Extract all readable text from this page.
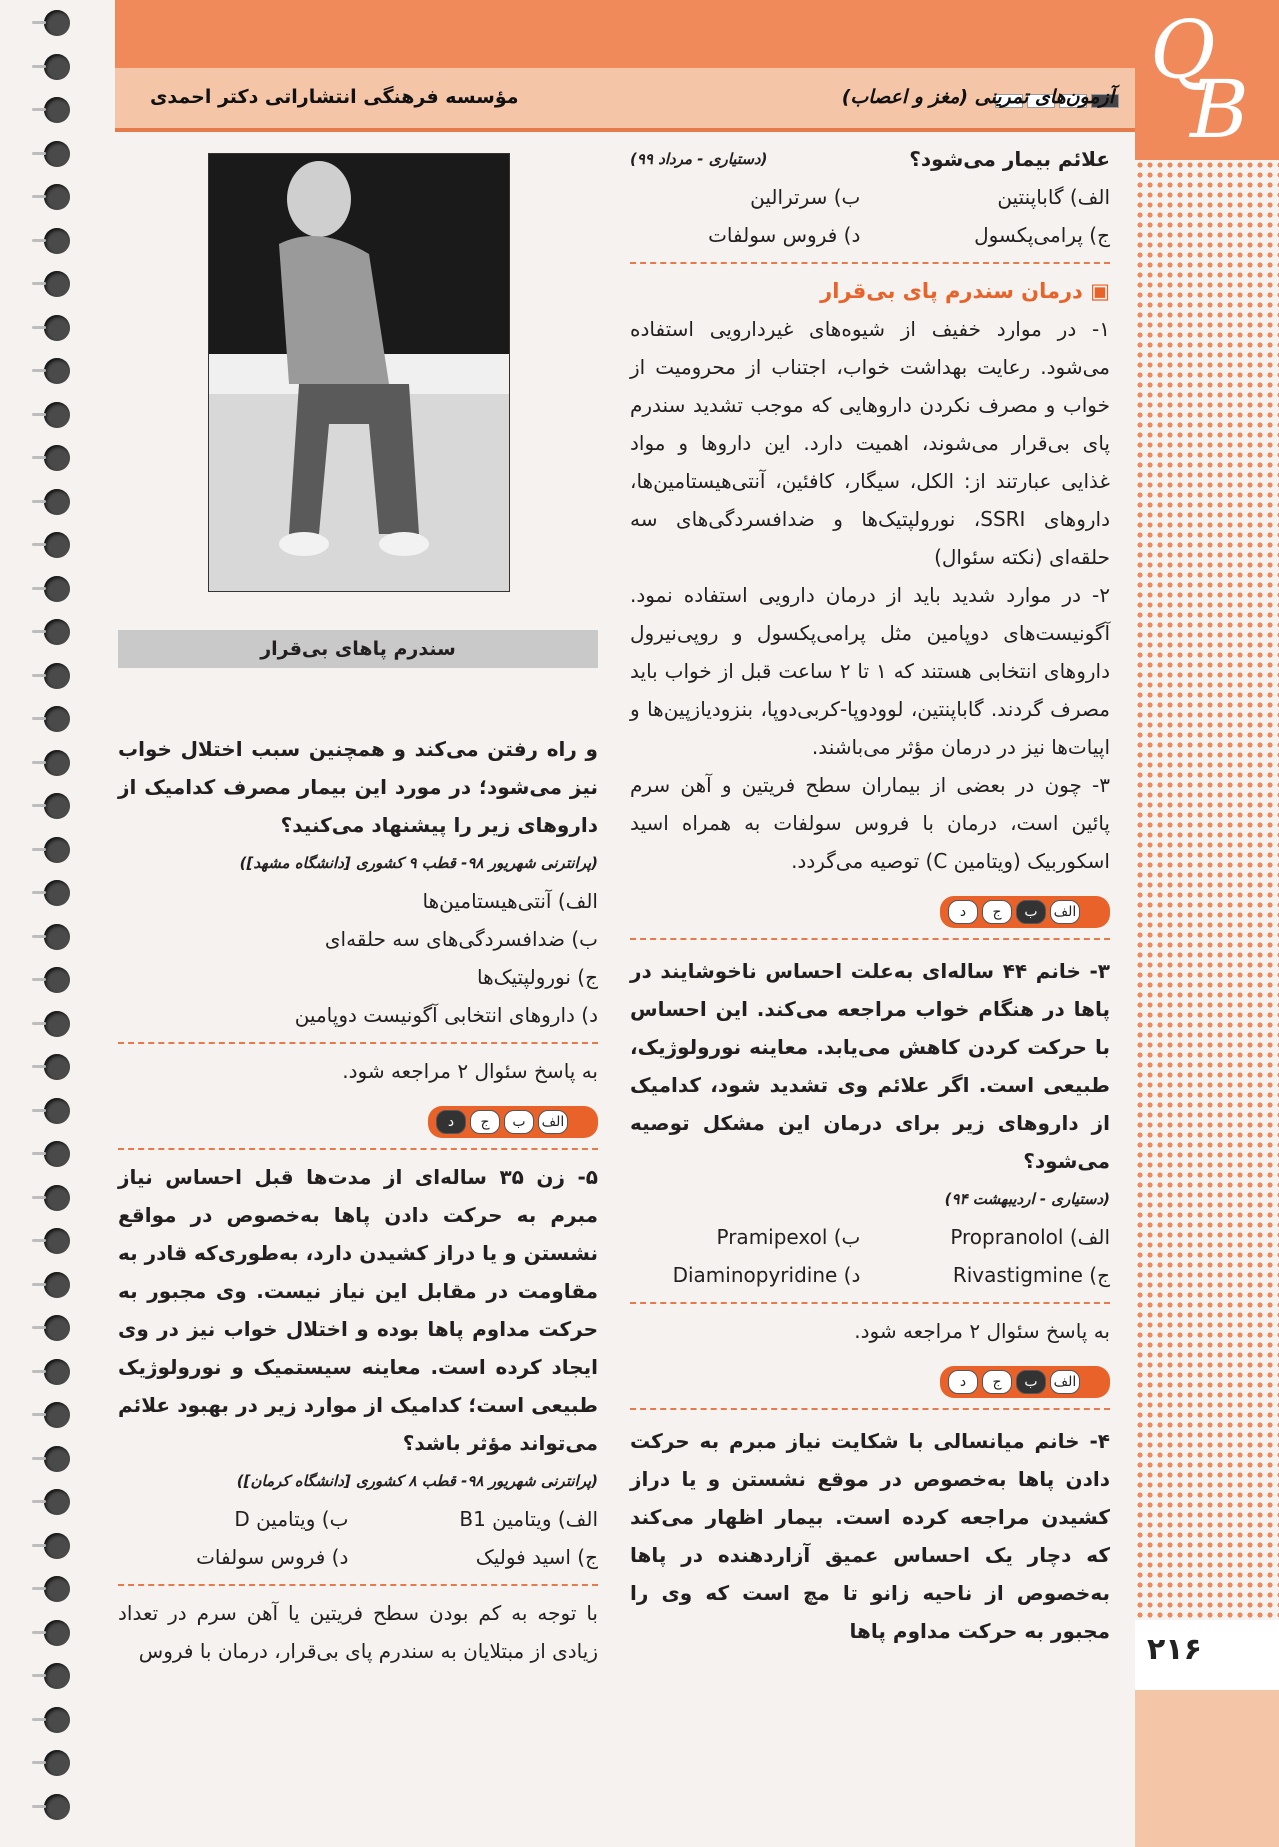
مؤسسه فرهنگی انتشاراتی دکتر احمدی	آزمون‌های تمرینی (مغز و اعصاب)
Q
B
۲۱۶
علائم بیمار می‌شود؟
(دستیاری - مرداد ۹۹)
الف) گاباپنتین
ب) سرترالین
ج) پرامی‌پکسول
د) فروس سولفات
▣ درمان سندرم پای بی‌قرار
۱- در موارد خفیف از شیوه‌های غیردارویی استفاده می‌شود. رعایت بهداشت خواب، اجتناب از محرومیت از خواب و مصرف نکردن داروهایی که موجب تشدید سندرم پای بی‌قرار می‌شوند، اهمیت دارد. این داروها و مواد غذایی عبارتند از: الکل، سیگار، کافئین، آنتی‌هیستامین‌ها، داروهای SSRI، نورولپتیک‌ها و ضدافسردگی‌های سه حلقه‌ای (نکته سئوال)
۲- در موارد شدید باید از درمان دارویی استفاده نمود. آگونیست‌های دوپامین مثل پرامی‌پکسول و روپی‌نیرول داروهای انتخابی هستند که ۱ تا ۲ ساعت قبل از خواب باید مصرف گردند. گاباپنتین، لوودوپا-کربی‌دوپا، بنزودیازپین‌ها و اپیات‌ها نیز در درمان مؤثر می‌باشند.
۳- چون در بعضی از بیماران سطح فریتین و آهن سرم پائین است، درمان با فروس سولفات به همراه اسید اسکوربیک (ویتامین C) توصیه می‌گردد.
الف
ب
ج
د
۳- خانم ۴۴ ساله‌ای به‌علت احساس ناخوشایند در پاها در هنگام خواب مراجعه می‌کند. این احساس با حرکت کردن کاهش می‌یابد. معاینه نورولوژیک، طبیعی است. اگر علائم وی تشدید شود، کدامیک از داروهای زیر برای درمان این مشکل توصیه می‌شود؟
(دستیاری - اردیبهشت ۹۴)
الف) Propranolol
ب) Pramipexol
ج) Rivastigmine
د) Diaminopyridine
به پاسخ سئوال ۲ مراجعه شود.
الف
ب
ج
د
۴- خانم میانسالی با شکایت نیاز مبرم به حرکت دادن پاها به‌خصوص در موقع نشستن و یا دراز کشیدن مراجعه کرده است. بیمار اظهار می‌کند که دچار یک احساس عمیق آزاردهنده در پاها به‌خصوص از ناحیه زانو تا مچ است که وی را مجبور به حرکت مداوم پاها
سندرم پاهای بی‌قرار
و راه رفتن می‌کند و همچنین سبب اختلال خواب نیز می‌شود؛ در مورد این بیمار مصرف کدامیک از داروهای زیر را پیشنهاد می‌کنید؟
(پرانترنی شهریور ۹۸- قطب ۹ کشوری [دانشگاه مشهد])
الف) آنتی‌هیستامین‌ها
ب) ضدافسردگی‌های سه حلقه‌ای
ج) نورولپتیک‌ها
د) داروهای انتخابی آگونیست دوپامین
به پاسخ سئوال ۲ مراجعه شود.
الف
ب
ج
د
۵- زن ۳۵ ساله‌ای از مدت‌ها قبل احساس نیاز مبرم به حرکت دادن پاها به‌خصوص در مواقع نشستن و یا دراز کشیدن دارد، به‌طوری‌که قادر به مقاومت در مقابل این نیاز نیست. وی مجبور به حرکت مداوم پاها بوده و اختلال خواب نیز در وی ایجاد کرده است. معاینه سیستمیک و نورولوژیک طبیعی است؛ کدامیک از موارد زیر در بهبود علائم می‌تواند مؤثر باشد؟
(پرانترنی شهریور ۹۸- قطب ۸ کشوری [دانشگاه کرمان])
الف) ویتامین B1
ب) ویتامین D
ج) اسید فولیک
د) فروس سولفات
با توجه به کم بودن سطح فریتین یا آهن سرم در تعداد زیادی از مبتلایان به سندرم پای بی‌قرار، درمان با فروس
